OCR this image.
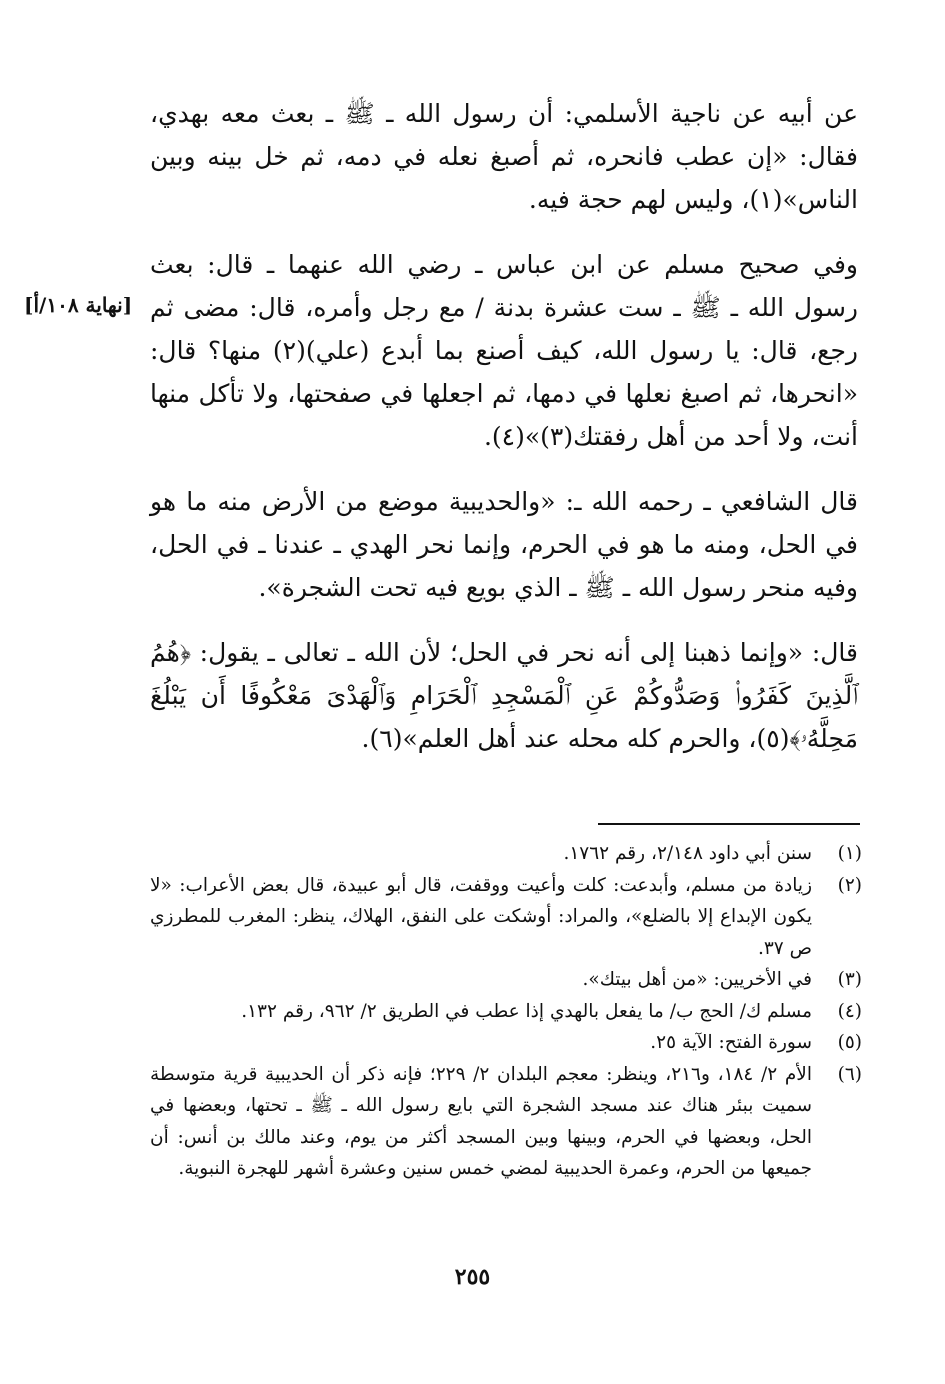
عن أبيه عن ناجية الأسلمي: أن رسول الله ـ ﷺ ـ بعث معه بهدي، فقال: «إن عطب فانحره، ثم أصبغ نعله في دمه، ثم خل بينه وبين الناس»(١)، وليس لهم حجة فيه.

وفي صحيح مسلم عن ابن عباس ـ رضي الله عنهما ـ قال: بعث رسول الله ـ ﷺ ـ ست عشرة بدنة / مع رجل وأمره، قال: مضى ثم رجع، قال: يا رسول الله، كيف أصنع بما أبدع (علي)(٢) منها؟ قال: «انحرها، ثم اصبغ نعلها في دمها، ثم اجعلها في صفحتها، ولا تأكل منها أنت، ولا أحد من أهل رفقتك(٣)»(٤).

قال الشافعي ـ رحمه الله ـ: «والحديبية موضع من الأرض منه ما هو في الحل، ومنه ما هو في الحرم، وإنما نحر الهدي ـ عندنا ـ في الحل، وفيه منحر رسول الله ـ ﷺ ـ الذي بويع فيه تحت الشجرة».

قال: «وإنما ذهبنا إلى أنه نحر في الحل؛ لأن الله ـ تعالى ـ يقول: ﴿هُمُ ٱلَّذِينَ كَفَرُوا۟ وَصَدُّوكُمْ عَنِ ٱلْمَسْجِدِ ٱلْحَرَامِ وَٱلْهَدْىَ مَعْكُوفًا أَن يَبْلُغَ مَحِلَّهُۥ﴾(٥)، والحرم كله محله عند أهل العلم»(٦).

[نهاية ١٠٨/أ]
(١)
سنن أبي داود ٢/١٤٨، رقم ١٧٦٢.
(٢)
زيادة من مسلم، وأبدعت: كلت وأعيت ووقفت، قال أبو عبيدة، قال بعض الأعراب: «لا يكون الإبداع إلا بالضلع»، والمراد: أوشكت على النفق، الهلاك، ينظر: المغرب للمطرزي ص ٣٧.
(٣)
في الأخريين: «من أهل بيتك».
(٤)
مسلم ك/ الحج ب/ ما يفعل بالهدي إذا عطب في الطريق ٢/ ٩٦٢، رقم ١٣٢.
(٥)
سورة الفتح: الآية ٢٥.
(٦)
الأم ٢/ ١٨٤، و٢١٦، وينظر: معجم البلدان ٢/ ٢٢٩؛ فإنه ذكر أن الحديبية قرية متوسطة سميت ببئر هناك عند مسجد الشجرة التي بايع رسول الله ـ ﷺ ـ تحتها، وبعضها في الحل، وبعضها في الحرم، وبينها وبين المسجد أكثر من يوم، وعند مالك بن أنس: أن جميعها من الحرم، وعمرة الحديبية لمضي خمس سنين وعشرة أشهر للهجرة النبوية.
٢٥٥
